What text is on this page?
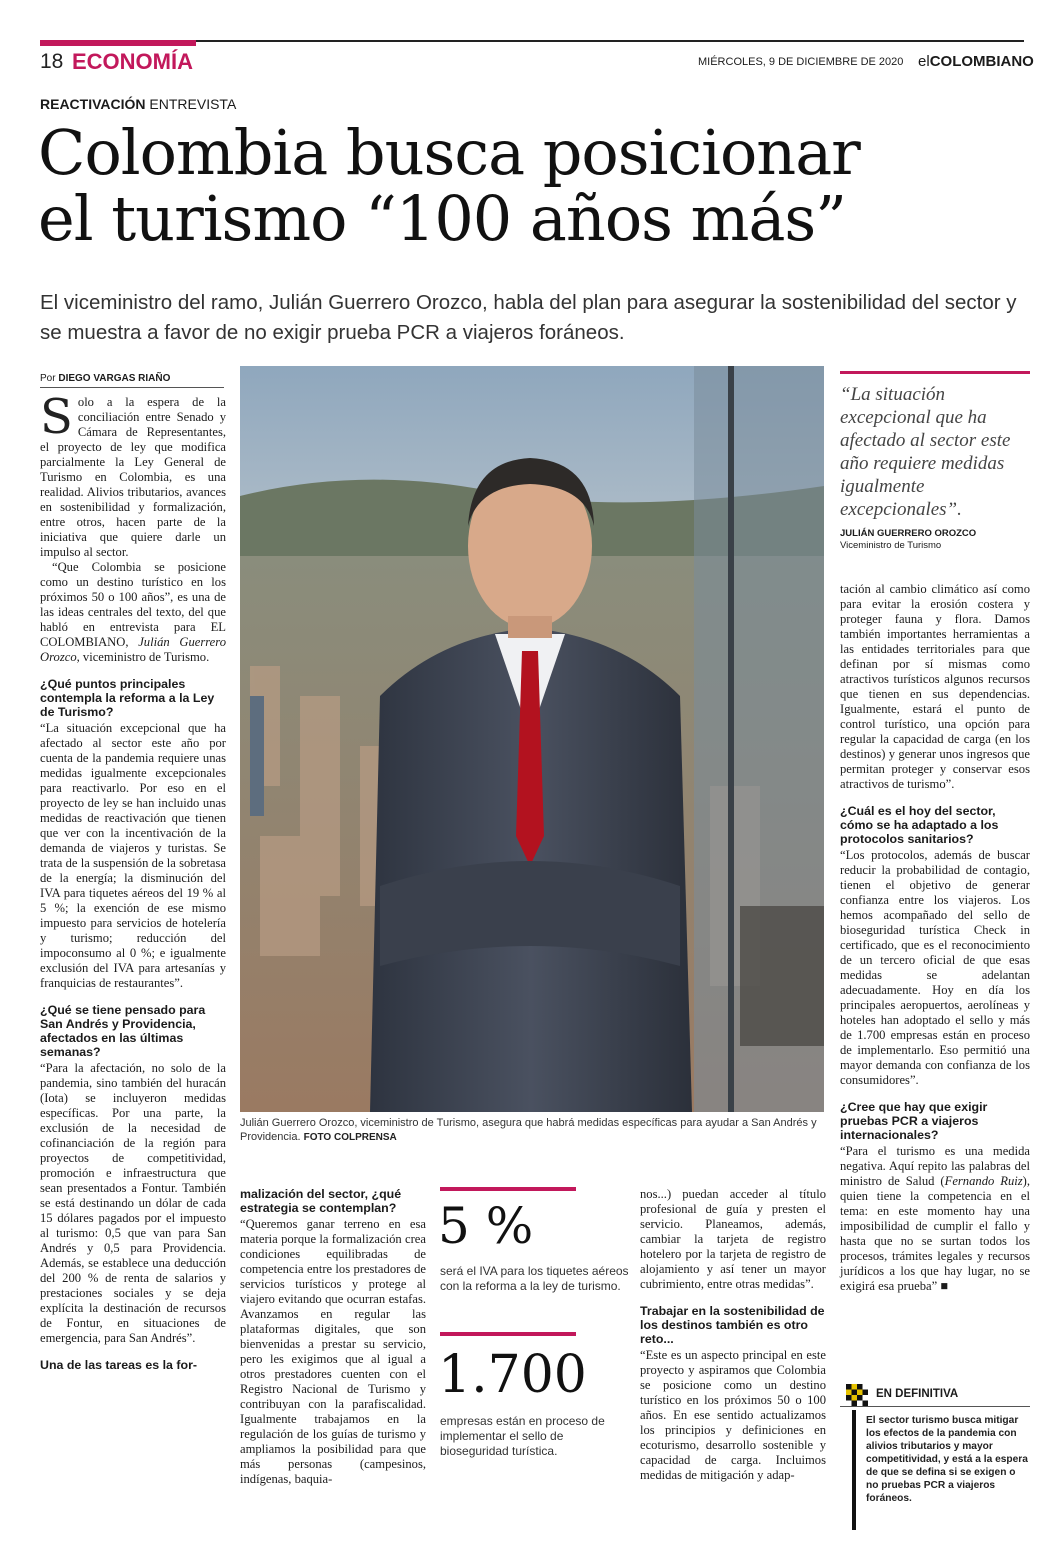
18 ECONOMÍA	MIÉRCOLES, 9 DE DICIEMBRE DE 2020 elCOLOMBIANO
REACTIVACIÓN ENTREVISTA
Colombia busca posicionar
el turismo “100 años más”
El viceministro del ramo, Julián Guerrero Orozco, habla del plan para asegurar la sostenibilidad del sector y se muestra a favor de no exigir prueba PCR a viajeros foráneos.
Por DIEGO VARGAS RIAÑO

Solo a la espera de la conciliación entre Senado y Cámara de Representantes, el proyecto de ley que modifica parcialmente la Ley General de Turismo en Colombia, es una realidad. Alivios tributarios, avances en sostenibilidad y formalización, entre otros, hacen parte de la iniciativa que quiere darle un impulso al sector.

“Que Colombia se posicione como un destino turístico en los próximos 50 o 100 años”, es una de las ideas centrales del texto, del que habló en entrevista para EL COLOMBIANO, Julián Guerrero Orozco, viceministro de Turismo.

¿Qué puntos principales contempla la reforma a la Ley de Turismo?

“La situación excepcional que ha afectado al sector este año por cuenta de la pandemia requiere unas medidas igualmente excepcionales para reactivarlo. Por eso en el proyecto de ley se han incluido unas medidas de reactivación que tienen que ver con la incentivación de la demanda de viajeros y turistas. Se trata de la suspensión de la sobretasa de la energía; la disminución del IVA para tiquetes aéreos del 19 % al 5 %; la exención de ese mismo impuesto para servicios de hotelería y turismo; reducción del impoconsumo al 0 %; e igualmente exclusión del IVA para artesanías y franquicias de restaurantes”.

¿Qué se tiene pensado para San Andrés y Providencia, afectados en las últimas semanas?

“Para la afectación, no solo de la pandemia, sino también del huracán (Iota) se incluyeron medidas específicas. Por una parte, la exclusión de la necesidad de cofinanciación de la región para proyectos de competitividad, promoción e infraestructura que sean presentados a Fontur. También se está destinando un dólar de cada 15 dólares pagados por el impuesto al turismo: 0,5 que van para San Andrés y 0,5 para Providencia. Además, se establece una deducción del 200 % de renta de salarios y prestaciones sociales y se deja explícita la destinación de recursos de Fontur, en situaciones de emergencia, para San Andrés”.

Una de las tareas es la for-
Julián Guerrero Orozco, viceministro de Turismo, asegura que habrá medidas específicas para ayudar a San Andrés y Providencia. FOTO COLPRENSA
“La situación excepcional que ha afectado al sector este año requiere medidas igualmente excepcionales”.
JULIÁN GUERRERO OROZCO
Viceministro de Turismo

tación al cambio climático así como para evitar la erosión costera y proteger fauna y flora. Damos también importantes herramientas a las entidades territoriales para que definan por sí mismas como atractivos turísticos algunos recursos que tienen en sus dependencias. Igualmente, estará el punto de control turístico, una opción para regular la capacidad de carga (en los destinos) y generar unos ingresos que permitan proteger y conservar esos atractivos de turismo”.

¿Cuál es el hoy del sector, cómo se ha adaptado a los protocolos sanitarios?

“Los protocolos, además de buscar reducir la probabilidad de contagio, tienen el objetivo de generar confianza entre los viajeros. Los hemos acompañado del sello de bioseguridad turística Check in certificado, que es el reconocimiento de un tercero oficial de que esas medidas se adelantan adecuadamente. Hoy en día los principales aeropuertos, aerolíneas y hoteles han adoptado el sello y más de 1.700 empresas están en proceso de implementarlo. Eso permitió una mayor demanda con confianza de los consumidores”.

¿Cree que hay que exigir pruebas PCR a viajeros internacionales?

“Para el turismo es una medida negativa. Aquí repito las palabras del ministro de Salud (Fernando Ruiz), quien tiene la competencia en el tema: en este momento hay una imposibilidad de cumplir el fallo y hasta que no se surtan todos los procesos, trámites legales y recursos jurídicos a los que hay lugar, no se exigirá esa prueba” ■

malización del sector, ¿qué estrategia se contemplan?

“Queremos ganar terreno en esa materia porque la formalización crea condiciones equilibradas de competencia entre los prestadores de servicios turísticos y protege al viajero evitando que ocurran estafas. Avanzamos en regular las plataformas digitales, que son bienvenidas a prestar su servicio, pero les exigimos que al igual a otros prestadores cuenten con el Registro Nacional de Turismo y contribuyan con la parafiscalidad. Igualmente trabajamos en la regulación de los guías de turismo y ampliamos la posibilidad para que más personas (campesinos, indígenas, baquia-

5 %
será el IVA para los tiquetes aéreos con la reforma a la ley de turismo.
1.700
empresas están en proceso de implementar el sello de bioseguridad turística.

nos...) puedan acceder al título profesional de guía y presten el servicio. Planeamos, además, cambiar la tarjeta de registro hotelero por la tarjeta de registro de alojamiento y así tener un mayor cubrimiento, entre otras medidas”.

Trabajar en la sostenibilidad de los destinos también es otro reto...

“Este es un aspecto principal en este proyecto y aspiramos que Colombia se posicione como un destino turístico en los próximos 50 o 100 años. En ese sentido actualizamos los principios y definiciones en ecoturismo, desarrollo sostenible y capacidad de carga. Incluimos medidas de mitigación y adap-

EN DEFINITIVA
El sector turismo busca mitigar los efectos de la pandemia con alivios tributarios y mayor competitividad, y está a la espera de que se defina si se exigen o no pruebas PCR a viajeros foráneos.
